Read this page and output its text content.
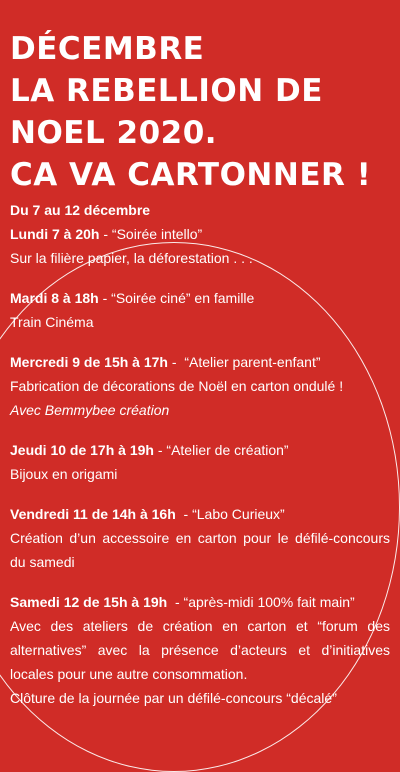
DÉCEMBRE
LA REBELLION DE
NOEL 2020.
CA VA CARTONNER !
Du 7 au 12 décembre
Lundi 7 à 20h - “Soirée intello”
Sur la filière papier, la déforestation . . .
Mardi 8 à 18h - “Soirée ciné” en famille
Train Cinéma
Mercredi 9 de 15h à 17h -  “Atelier parent-enfant”
Fabrication de décorations de Noël en carton ondulé !
Avec Bemmybee création
Jeudi 10 de 17h à 19h - “Atelier de création”
Bijoux en origami
Vendredi 11 de 14h à 16h  - “Labo Curieux”
Création d’un accessoire en carton pour le défilé-concours du samedi
Samedi 12 de 15h à 19h  - “après-midi 100% fait main”
Avec des ateliers de création en carton et “forum des alternatives” avec la présence d’acteurs et d’initiatives locales pour une autre consommation.
Clôture de la journée par un défilé-concours “décalé”
